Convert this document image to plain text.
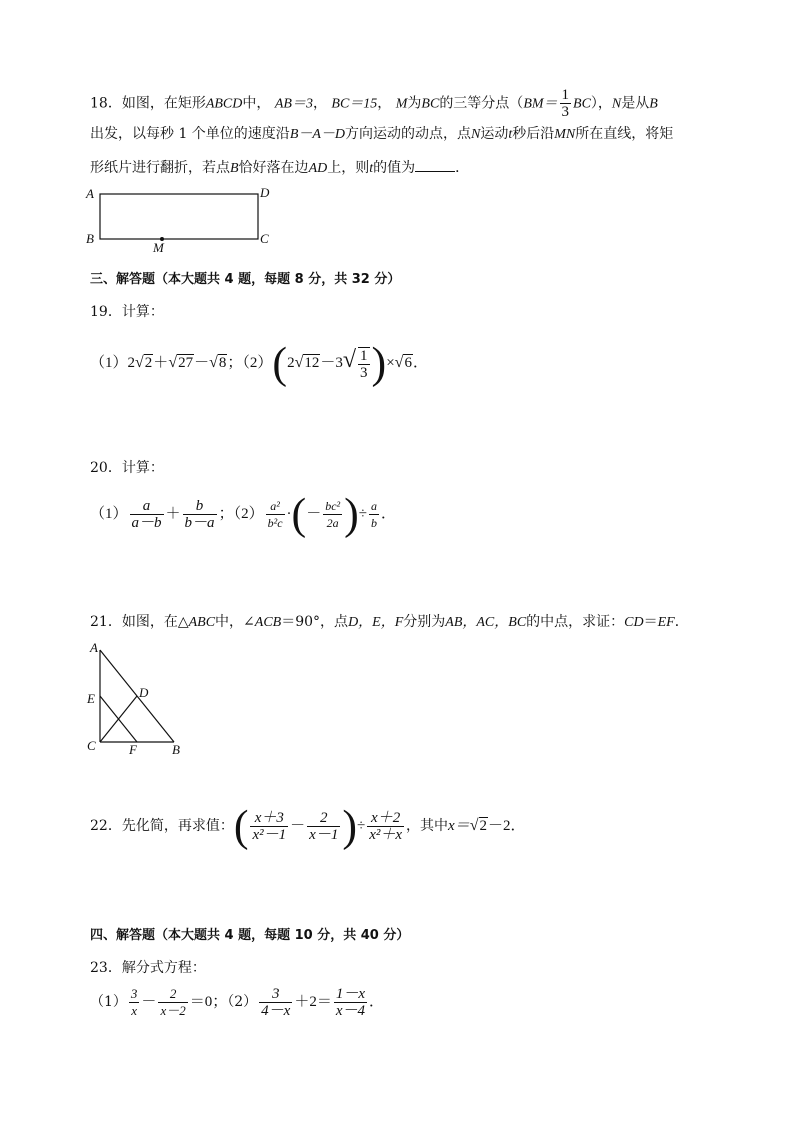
18．如图，在矩形ABCD中， AB＝3， BC＝15， M为BC的三等分点$(BM= \frac{1}{3} BC)$，N是从B
出发，以每秒 1 个单位的速度沿B－A－D方向运动的动点，点N运动t秒后沿MN所在直线，将矩
形纸片进行翻折，若点B恰好落在边AD上，则t的值为	．
A
B	C
D
M
三、解答题（本大题共 4 题，每题 8 分，共 32 分）
19．计算：
（1）2√2＋√27－√8；$(2)(2√12-3√ \frac{1}{3} )\times√6$．
20．计算：
$(1) \frac{a}{a-b} + \frac{b}{b-a}$ ；$(2) \frac{\text{a²}}{\text{b²c}}$ ·(－ $\frac{\text{bc²}}{2a}$ )÷ $\frac{a}{b}$ ．
21．如图，在△ABC中，∠ACB＝90°，点D，E，F分别为AB，AC，BC的中点，求证：CD＝EF．
A
B
C
D
E
F
22．先化简，再求值：( $\frac{x+3}{\text{x²－1}} - \frac{2}{x-1}$ )÷ $\frac{x+2}{\text{x²＋x}}$ ，其中x＝√2－2．
四、解答题（本大题共 4 题，每题 10 分，共 40 分）
23．解分式方程：
$(1) \frac{3}{x} - \frac{2}{x-2} =0$；$(2) \frac{3}{4-x} +2= \frac{1-x}{x-4}$ ．
